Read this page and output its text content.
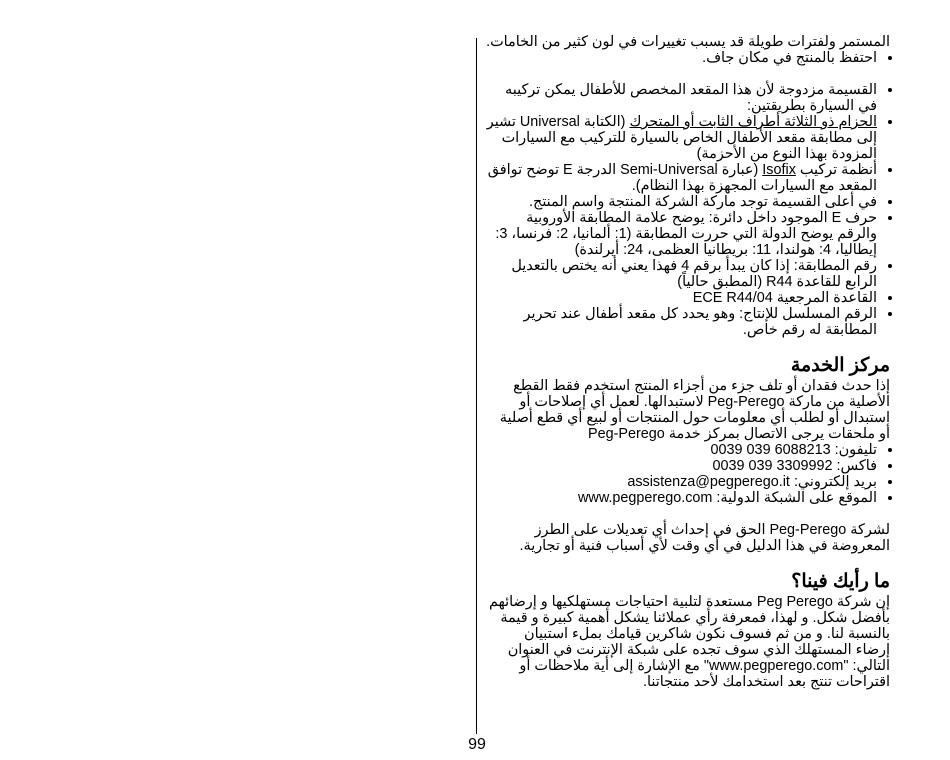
المستمر ولفترات طويلة قد يسبب تغييرات في لون كثير من الخامات.

• احتفظ بالمنتج في مكان جاف.
• القسيمة مزدوجة لأن هذا المقعد المخصص للأطفال يمكن تركيبه في السيارة بطريقتين:
• الحزام ذو الثلاثة أطراف الثابت أو المتحرك (الكتابة Universal تشير إلى مطابقة مقعد الأطفال الخاص بالسيارة للتركيب مع السيارات المزودة بهذا النوع من الأحزمة)
• أنظمة تركيب Isofix (عبارة Semi-Universal الدرجة E توضح توافق المقعد مع السيارات المجهزة بهذا النظام).
• في أعلى القسيمة توجد ماركة الشركة المنتجة واسم المنتج.
• حرف E الموجود داخل دائرة: يوضح علامة المطابقة الأوروبية والرقم يوضح الدولة التي حررت المطابقة (1: ألمانيا، 2: فرنسا، 3: إيطاليا، 4: هولندا، 11: بريطانيا العظمى، 24: أيرلندة)
• رقم المطابقة: إذا كان يبدأ برقم 4 فهذا يعني أنه يختص بالتعديل الرابع للقاعدة R44 (المطبق حالياً)
• القاعدة المرجعية ECE R44/04
• الرقم المسلسل للإنتاج: وهو يحدد كل مقعد أطفال عند تحرير المطابقة له رقم خاص.
مركز الخدمة

إذا حدث فقدان أو تلف جزء من أجزاء المنتج استخدم فقط القطع الأصلية من ماركة Peg-Perego لاستبدالها. لعمل أي إصلاحات أو استبدال أو لطلب أي معلومات حول المنتجات أو لبيع أي قطع أصلية أو ملحقات يرجى الاتصال بمركز خدمة Peg-Perego

• تليفون: 0039 039 6088213
• فاكس: 0039 039 3309992
• بريد إلكتروني: assistenza@pegperego.it
• الموقع على الشبكة الدولية: www.pegperego.com

لشركة Peg-Perego الحق في إحداث أي تعديلات على الطرز المعروضة في هذا الدليل في أي وقت لأي أسباب فنية أو تجارية.

ما رأيك فينا؟

إن شركة Peg Perego مستعدة لتلبية احتياجات مستهلكيها و إرضائهم بأفضل شكل. و لهذا، فمعرفة رأي عملائنا يشكل أهمية كبيرة و قيمة بالنسبة لنا. و من ثم فسوف نكون شاكرين قيامك بملء استبيان إرضاء المستهلك الذي سوف تجده على شبكة الإنترنت في العنوان التالي: "www.pegperego.com" مع الإشارة إلى أية ملاحظات أو اقتراحات تنتج بعد استخدامك لأحد منتجاتنا.

99
